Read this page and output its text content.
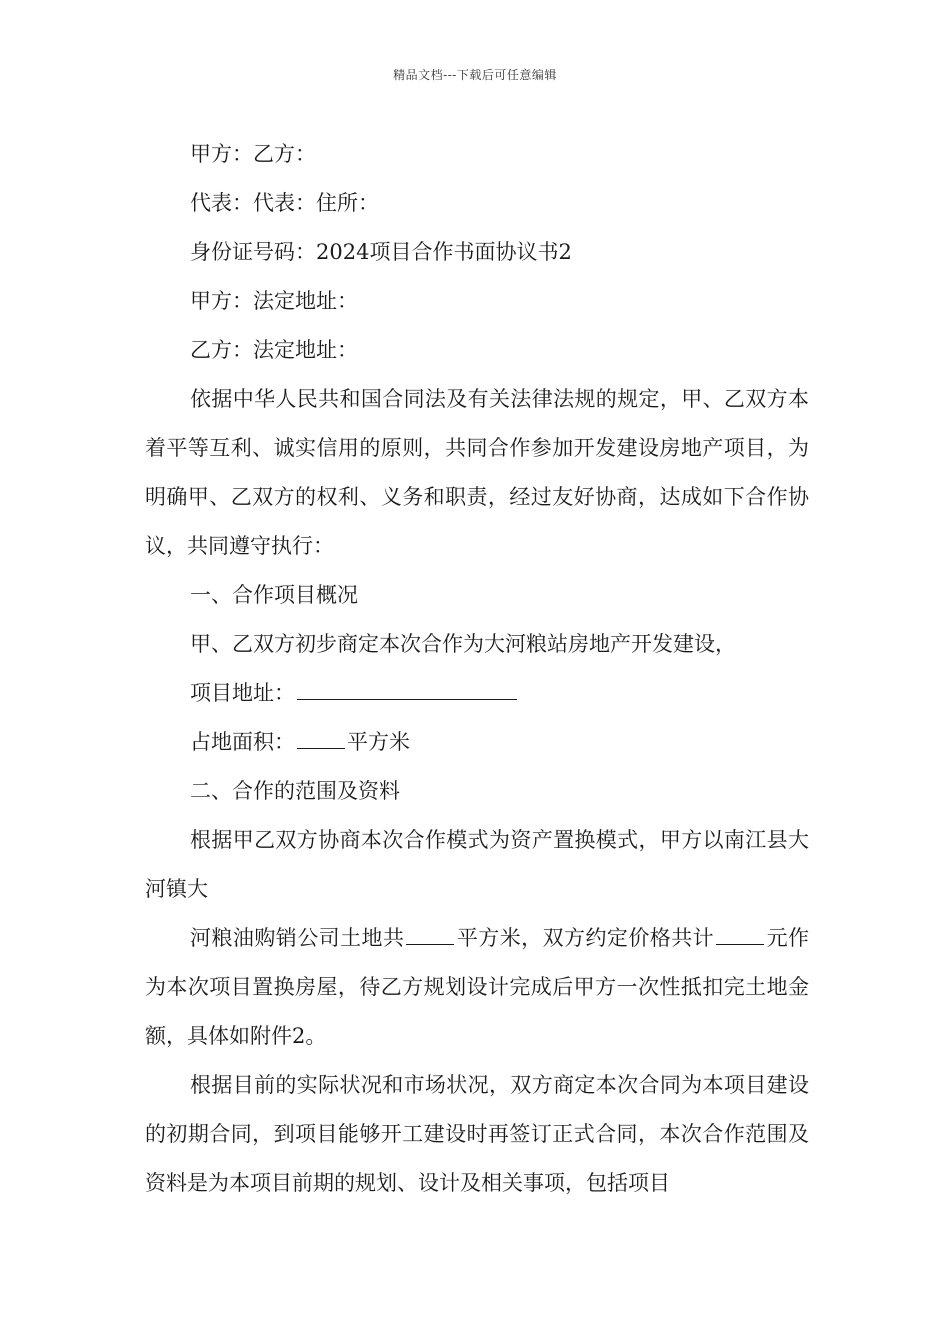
精品文档---下载后可任意编辑

甲方：乙方：

代表：代表：住所：

身份证号码：2024项目合作书面协议书2

甲方：法定地址：

乙方：法定地址：

依据中华人民共和国合同法及有关法律法规的规定，甲、乙双方本着平等互利、诚实信用的原则，共同合作参加开发建设房地产项目，为明确甲、乙双方的权利、义务和职责，经过友好协商，达成如下合作协议，共同遵守执行：

一、合作项目概况

甲、乙双方初步商定本次合作为大河粮站房地产开发建设，

项目地址：

占地面积： 平方米

二、合作的范围及资料

根据甲乙双方协商本次合作模式为资产置换模式，甲方以南江县大河镇大

河粮油购销公司土地共 平方米，双方约定价格共计 元作为本次项目置换房屋，待乙方规划设计完成后甲方一次性抵扣完土地金额，具体如附件2。

根据目前的实际状况和市场状况，双方商定本次合同为本项目建设的初期合同，到项目能够开工建设时再签订正式合同，本次合作范围及资料是为本项目前期的规划、设计及相关事项，包括项目
